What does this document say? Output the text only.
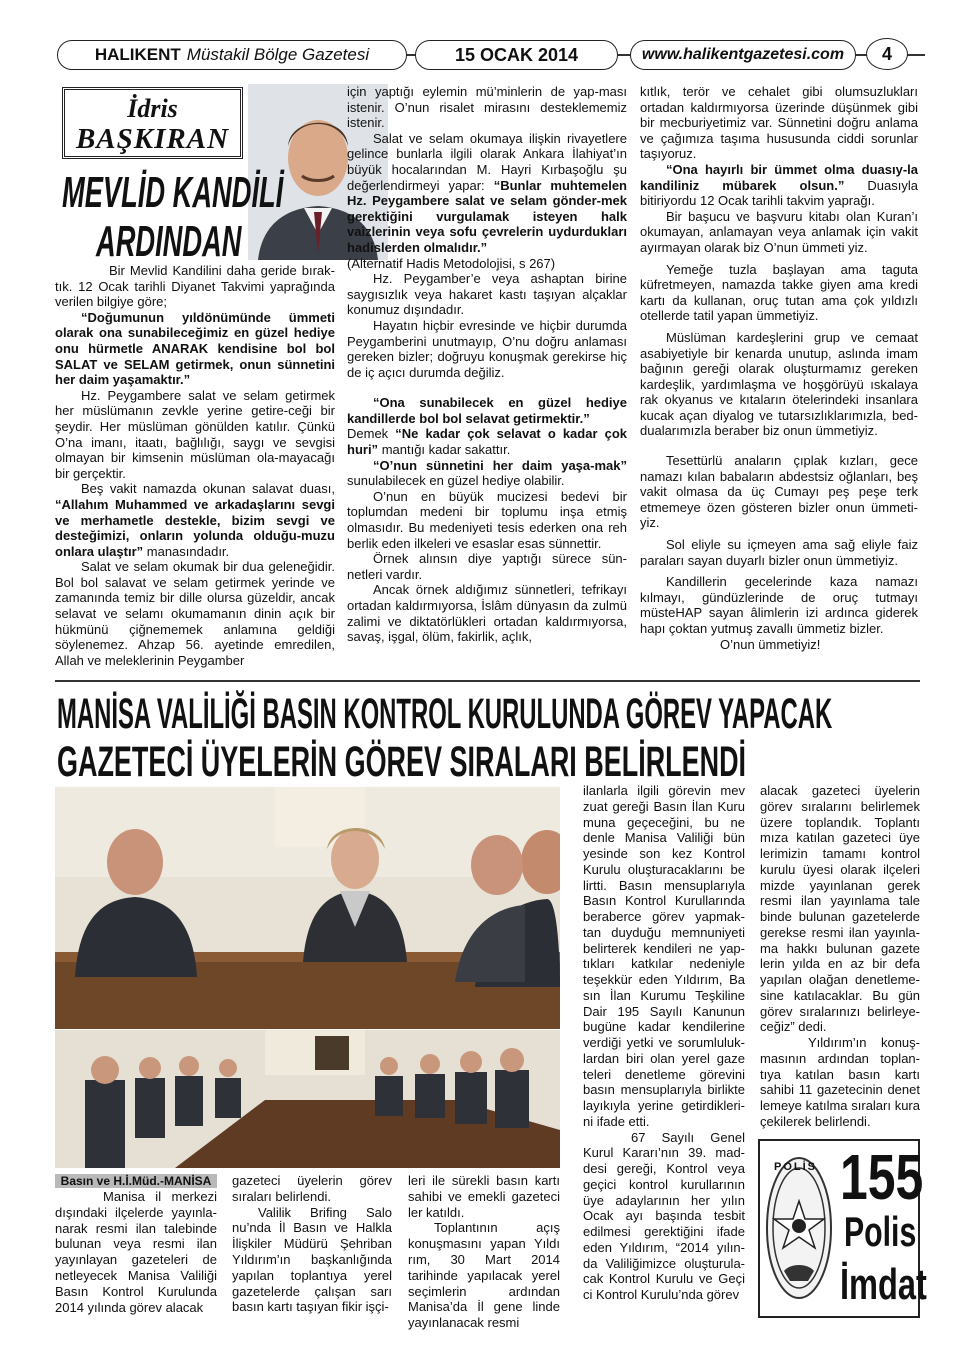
HALIKENT Müstakil Bölge Gazetesi	15 OCAK 2014	www.halikentgazetesi.com 4
İdris
BAŞKIRAN
MEVLİD KANDİLİ
ARDINDAN

Bir Mevlid Kandilini daha geride bırak-tık. 12 Ocak tarihli Diyanet Takvimi yaprağında verilen bilgiye göre;

“Doğumunun yıldönümünde ümmeti olarak ona sunabileceğimiz en güzel hediye onu hürmetle ANARAK kendisine bol bol SALAT ve SELAM getirmek, onun sünnetini her daim yaşamaktır.”

Hz. Peygambere salat ve selam getirmek her müslümanın zevkle yerine getire-ceği bir şeydir. Her müslüman gönülden katılır. Çünkü O’na imanı, itaatı, bağlılığı, saygı ve sevgisi olmayan bir kimsenin müslüman ola-mayacağı bir gerçektir.

Beş vakit namazda okunan salavat duası, “Allahım Muhammed ve arkadaşlarını sevgi ve merhametle destekle, bizim sevgi ve desteğimizi, onların yolunda olduğu-muzu onlara ulaştır” manasındadır.

Salat ve selam okumak bir dua geleneğidir. Bol bol salavat ve selam getirmek yerinde ve zamanında temiz bir dille olursa güzeldir, ancak selavat ve selamı okumamanın dinin açık bir hükmünü çiğnememek anlamına geldiği söylenemez. Ahzap 56. ayetinde emredilen, Allah ve meleklerinin Peygamber

için yaptığı eylemin mü’minlerin de yap-ması istenir. O’nun risalet mirasını desteklememiz istenir.

Salat ve selam okumaya ilişkin rivayetlere gelince bunlarla ilgili olarak Ankara İlahiyat’ın büyük hocalarından M. Hayri Kırbaşoğlu şu değerlendirmeyi yapar: “Bunlar muhtemelen Hz. Peygambere salat ve selam gönder-mek gerektiğini vurgulamak isteyen halk vaizlerinin veya sofu çevrelerin uydurdukları hadislerden olmalıdır.”

(Alternatif Hadis Metodolojisi, s 267)

Hz. Peygamber’e veya ashaptan birine saygısızlık veya hakaret kastı taşıyan alçaklar konumuz dışındadır.

Hayatın hiçbir evresinde ve hiçbir durumda Peygamberini unutmayıp, O’nu doğru anlaması gereken bizler; doğruyu konuşmak gerekirse hiç de iç açıcı durumda değiliz.

“Ona sunabilecek en güzel hediye kandillerde bol bol selavat getirmektir.”

Demek “Ne kadar çok selavat o kadar çok huri” mantığı kadar sakattır.

“O’nun sünnetini her daim yaşa-mak” sunulabilecek en güzel hediye olabilir.

O’nun en büyük mucizesi bedevi bir toplumdan medeni bir toplumu inşa etmiş olmasıdır. Bu medeniyeti tesis ederken ona reh berlik eden ilkeleri ve esaslar esas sünnettir.

Örnek alınsın diye yaptığı sürece sün-netleri vardır.

Ancak örnek aldığımız sünnetleri, tefrikayı ortadan kaldırmıyorsa, İslâm dünyasın da zulmü zalimi ve diktatörlükleri ortadan kaldırmıyorsa, savaş, işgal, ölüm, fakirlik, açlık,

kıtlık, terör ve cehalet gibi olumsuzlukları ortadan kaldırmıyorsa üzerinde düşünmek gibi bir mecburiyetimiz var. Sünnetini doğru anlama ve çağımıza taşıma hususunda ciddi sorunlar taşıyoruz.

“Ona hayırlı bir ümmet olma duasıy-la kandiliniz mübarek olsun.” Duasıyla bitiriyordu 12 Ocak tarihli takvim yaprağı.

Bir başucu ve başvuru kitabı olan Kuran’ı okumayan, anlamayan veya anlamak için vakit ayırmayan olarak biz O’nun ümmeti yiz.

Yemeğe tuzla başlayan ama taguta küfretmeyen, namazda takke giyen ama kredi kartı da kullanan, oruç tutan ama çok yıldızlı otellerde tatil yapan ümmetiyiz.

Müslüman kardeşlerini grup ve cemaat asabiyetiyle bir kenarda unutup, aslında imam bağının gereği olarak oluşturmamız gereken kardeşlik, yardımlaşma ve hoşgörüyü ıskalaya rak okyanus ve kıtaların ötelerindeki insanlara kucak açan diyalog ve tutarsızlıklarımızla, bed-dualarımızla beraber biz onun ümmetiyiz.

Tesettürlü anaların çıplak kızları, gece namazı kılan babaların abdestsiz oğlanları, beş vakit olmasa da üç Cumayı peş peşe terk etmemeye özen gösteren bizler onun ümmeti-yiz.

Sol eliyle su içmeyen ama sağ eliyle faiz paraları sayan duyarlı bizler onun ümmetiyiz.

Kandillerin gecelerinde kaza namazı kılmayı, gündüzlerinde de oruç tutmayı müsteHAP sayan âlimlerin izi ardınca giderek hapı çoktan yutmuş zavallı ümmetiz bizler.

O’nun ümmetiyiz!

MANİSA VALİLİĞİ BASIN KONTROL KURULUNDA GÖREV YAPACAK
GAZETECİ ÜYELERİN GÖREV SIRALARI BELİRLENDİ
Basın ve H.İ.Müd.-MANİSA

Manisa il merkezi dışındaki ilçelerde yayınla-narak resmi ilan talebinde bulunan veya resmi ilan yayınlayan gazeteleri de netleyecek Manisa Valiliği Basın Kontrol Kurulunda 2014 yılında görev alacak

gazeteci üyelerin görev sıraları belirlendi.

Valilik Brifing Salo nu’nda İl Basın ve Halkla İlişkiler Müdürü Şehriban Yıldırım’ın başkanlığında yapılan toplantıya yerel gazetelerde çalışan sarı basın kartı taşıyan fikir işçi-

leri ile sürekli basın kartı sahibi ve emekli gazeteci ler katıldı.

Toplantının açış konuşmasını yapan Yıldı rım, 30 Mart 2014 tarihinde yapılacak yerel seçimlerin ardından Manisa’da İl gene linde yayınlanacak resmi

ilanlarla ilgili görevin mev zuat gereği Basın İlan Kuru muna geçeceğini, bu ne denle Manisa Valiliği bün yesinde son kez Kontrol Kurulu oluşturacaklarını be lirtti. Basın mensuplarıyla Basın Kontrol Kurullarında beraberce görev yapmak-tan duyduğu memnuniyeti belirterek kendileri ne yap-tıkları katkılar nedeniyle teşekkür eden Yıldırım, Ba sın İlan Kurumu Teşkiline Dair 195 Sayılı Kanunun bugüne kadar kendilerine verdiği yetki ve sorumluluk-lardan biri olan yerel gaze teleri denetleme görevini basın mensuplarıyla birlikte layıkıyla yerine getirdikleri-ni ifade etti.

67 Sayılı Genel Kurul Kararı’nın 39. mad-desi gereği, Kontrol veya geçici kontrol kurullarının üye adaylarının her yılın Ocak ayı başında tesbit edilmesi gerektiğini ifade eden Yıldırım, “2014 yılın-da Valiliğimizce oluşturula-cak Kontrol Kurulu ve Geçi ci Kontrol Kurulu’nda görev

alacak gazeteci üyelerin görev sıralarını belirlemek üzere toplandık. Toplantı mıza katılan gazeteci üye lerimizin tamamı kontrol kurulu üyesi olarak ilçeleri mizde yayınlanan gerek resmi ilan yayınlama tale binde bulunan gazetelerde gerekse resmi ilan yayınla-ma hakkı bulunan gazete lerin yılda en az bir defa yapılan olağan denetleme-sine katılacaklar. Bu gün görev sıralarınızı belirleye-ceğiz” dedi.

Yıldırım’ın konuş-masının ardından toplan-tıya katılan basın kartı sahibi 11 gazetecinin denet lemeye katılma sıraları kura çekilerek belirlendi.

POLİS 155
Polis
İmdat
